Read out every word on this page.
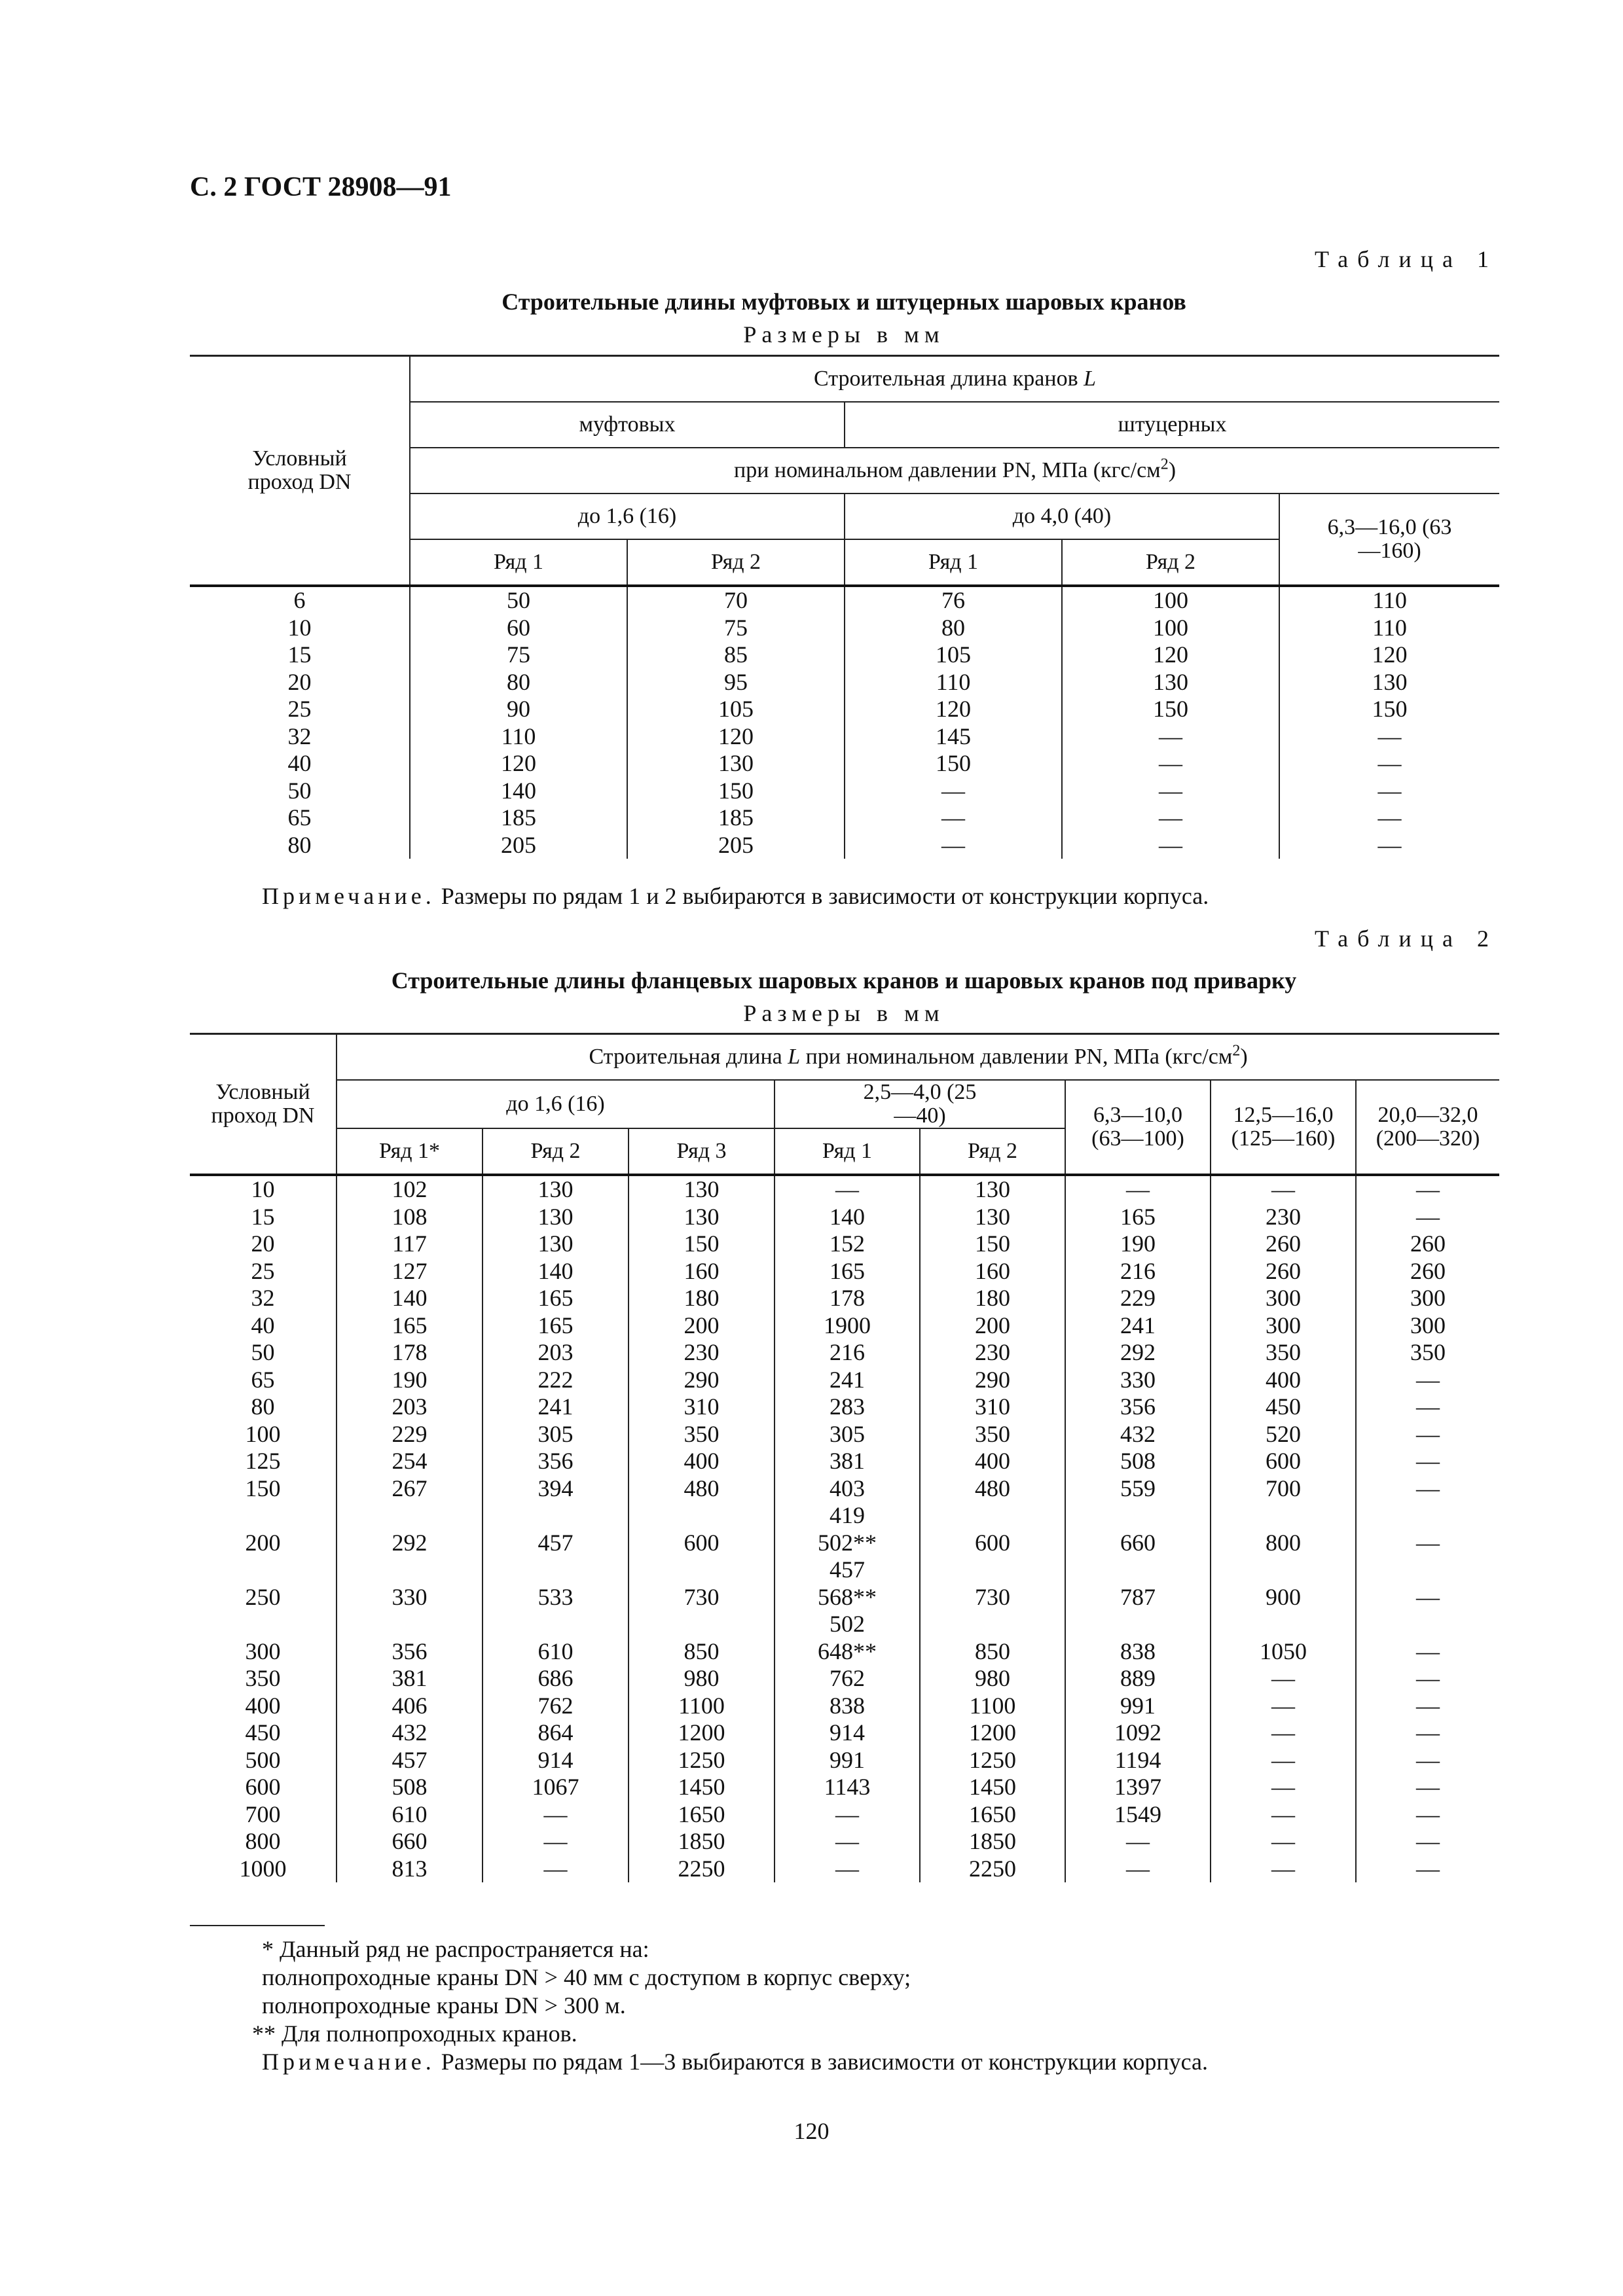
С. 2 ГОСТ 28908—91
Таблица 1
Строительные длины муфтовых и штуцерных шаровых кранов
Размеры в мм
Условный проход DN	Строительная длина кранов L				
	муфтовых		штуцерных		
	при номинальном давлении PN, МПа $(кгс/см^2)$				
	до 1,6 (16)		до 4,0 (40)		6,3—16,0 (63—160)
	Ряд 1	Ряд 2	Ряд 1	Ряд 2	
6	50	70	76	100	110
10	60	75	80	100	110
15	75	85	105	120	120
20	80	95	110	130	130
25	90	105	120	150	150
32	110	120	145	—	—
40	120	130	150	—	—
50	140	150	—	—	—
65	185	185	—	—	—
80	205	205	—	—	—
Примечание. Размеры по рядам 1 и 2 выбираются в зависимости от конструкции корпуса.
Таблица 2
Строительные длины фланцевых шаровых кранов и шаровых кранов под приварку
Размеры в мм
Условный проход DN	Строительная длина L при номинальном давлении PN, МПа $(кгс/см^2)$							
	до 1,6 (16)			2,5—4,0 (25—40)		6,3—10,0 (63—100)	12,5—16,0 (125—160)	20,0—32,0 (200—320)
	Ряд 1*	Ряд 2	Ряд 3	Ряд 1	Ряд 2			
10	102	130	130	—	130	—	—	—
15	108	130	130	140	130	165	230	—
20	117	130	150	152	150	190	260	260
25	127	140	160	165	160	216	260	260
32	140	165	180	178	180	229	300	300
40	165	165	200	1900	200	241	300	300
50	178	203	230	216	230	292	350	350
65	190	222	290	241	290	330	400	—
80	203	241	310	283	310	356	450	—
100	229	305	350	305	350	432	520	—
125	254	356	400	381	400	508	600	—
150	267	394	480	403	480	559	700	—
				419				
200	292	457	600	502**	600	660	800	—
				457				
250	330	533	730	568**	730	787	900	—
				502				
300	356	610	850	648**	850	838	1050	—
350	381	686	980	762	980	889	—	—
400	406	762	1100	838	1100	991	—	—
450	432	864	1200	914	1200	1092	—	—
500	457	914	1250	991	1250	1194	—	—
600	508	1067	1450	1143	1450	1397	—	—
700	610	—	1650	—	1650	1549	—	—
800	660	—	1850	—	1850	—	—	—
1000	813	—	2250	—	2250	—	—	—
* Данный ряд не распространяется на:
полнопроходные краны DN > 40 мм с доступом в корпус сверху;
полнопроходные краны DN > 300 м.
** Для полнопроходных кранов.
Примечание. Размеры по рядам 1—3 выбираются в зависимости от конструкции корпуса.
120
